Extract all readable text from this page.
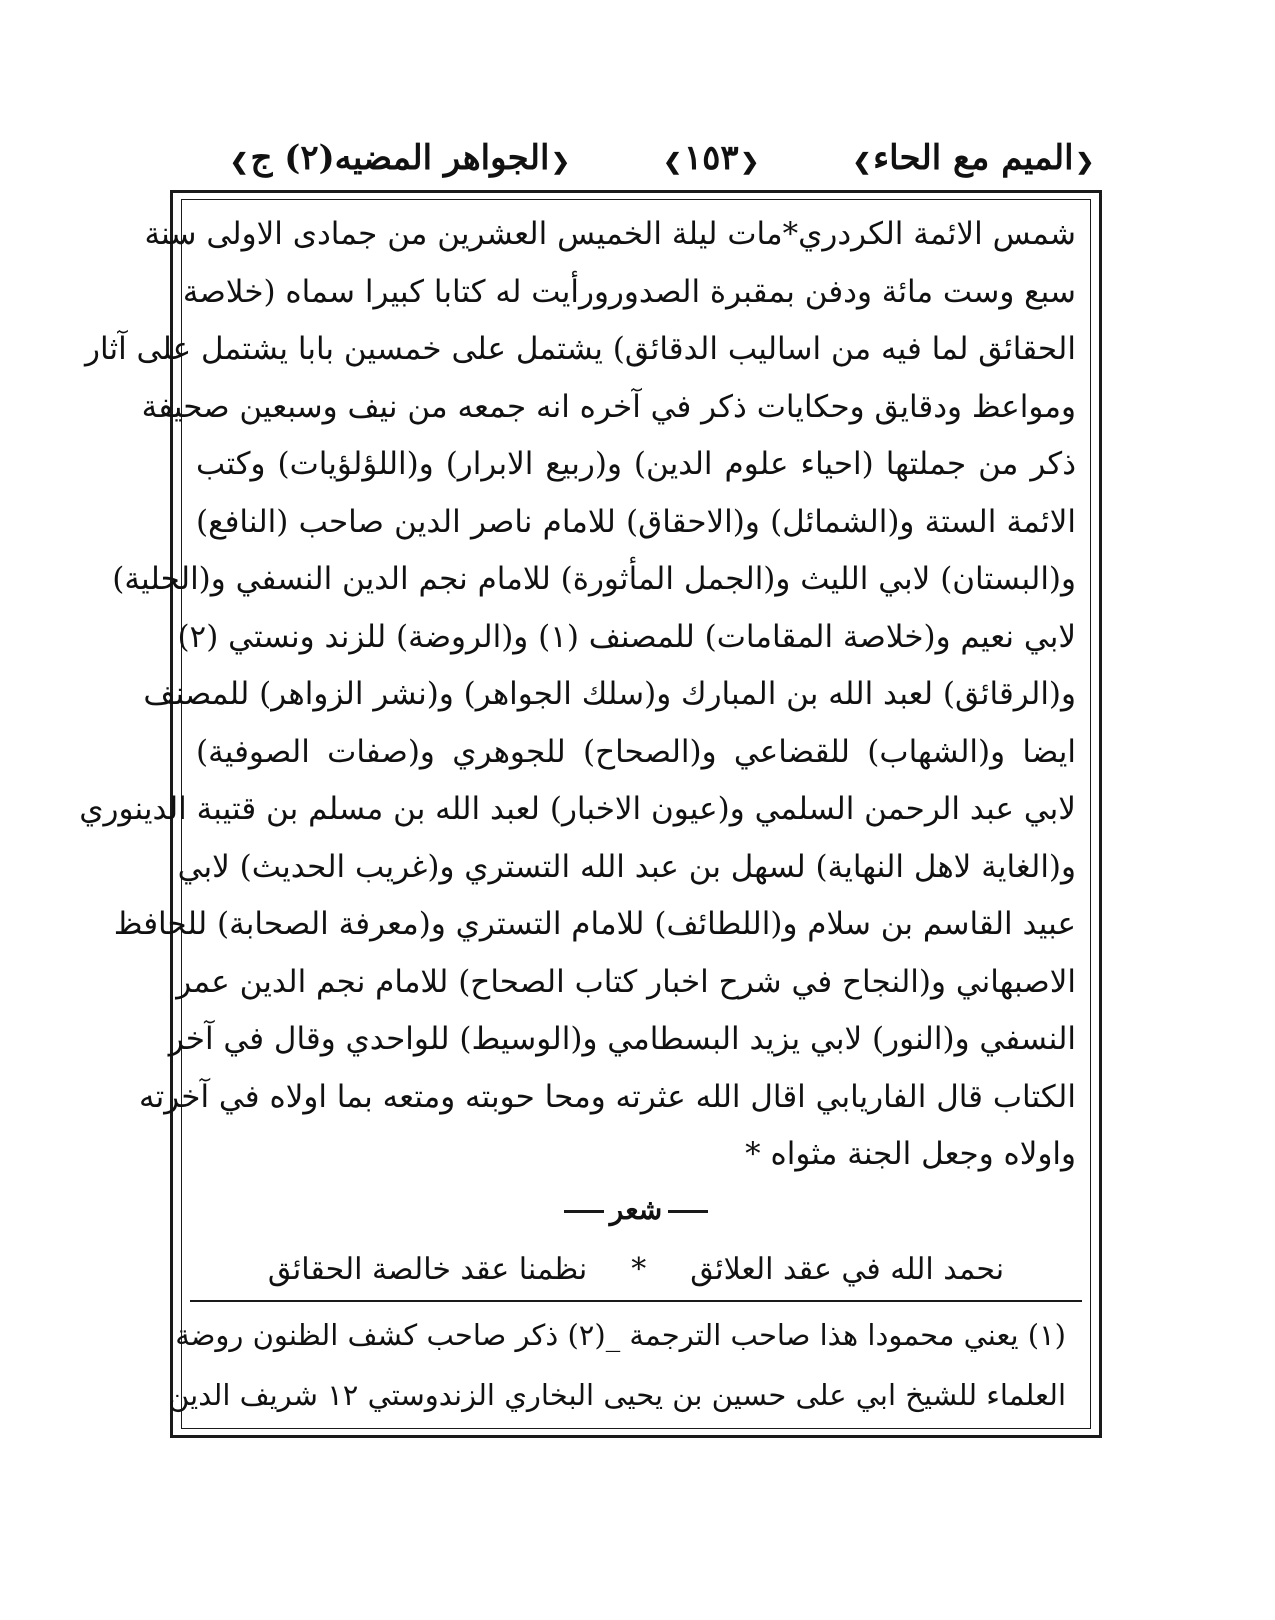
❮الميم مع الحاء❯
❮١٥٣❯
❮الجواهر المضيه(٢) ج❯
شمس الائمة الكردري*مات ليلة الخميس العشرين من جمادى الاولى سنة
سبع وست مائة ودفن بمقبرة الصدورورأيت له كتابا كبيرا سماه (خلاصة
الحقائق لما فيه من اساليب الدقائق) يشتمل على خمسين بابا يشتمل على آثار
ومواعظ ودقايق وحكايات ذكر في آخره انه جمعه من نيف وسبعين صحيفة
ذكر من جملتها (احياء علوم الدين) و(ربيع الابرار) و(اللؤلؤيات) وكتب
الائمة الستة و(الشمائل) و(الاحقاق) للامام ناصر الدين صاحب (النافع)
و(البستان) لابي الليث و(الجمل المأثورة) للامام نجم الدين النسفي و(الحلية)
لابي نعيم و(خلاصة المقامات) للمصنف (١) و(الروضة) للزند ونستي (٢)
و(الرقائق) لعبد الله بن المبارك و(سلك الجواهر) و(نشر الزواهر) للمصنف
ايضا و(الشهاب) للقضاعي و(الصحاح) للجوهري و(صفات الصوفية)
لابي عبد الرحمن السلمي و(عيون الاخبار) لعبد الله بن مسلم بن قتيبة الدينوري
و(الغاية لاهل النهاية) لسهل بن عبد الله التستري و(غريب الحديث) لابي
عبيد القاسم بن سلام و(اللطائف) للامام التستري و(معرفة الصحابة) للحافظ
الاصبهاني و(النجاح في شرح اخبار كتاب الصحاح) للامام نجم الدين عمر
النسفي و(النور) لابي يزيد البسطامي و(الوسيط) للواحدي وقال في آخر
الكتاب قال الفاريابي اقال الله عثرته ومحا حوبته ومتعه بما اولاه في آخرته
واولاه وجعل الجنة مثواه *
شعر
نحمد الله في عقد العلائق*نظمنا عقد خالصة الحقائق
(١) يعني محمودا هذا صاحب الترجمة _(٢) ذكر صاحب كشف الظنون روضة
العلماء للشيخ ابي على حسين بن يحيى البخاري الزندوستي ١٢ شريف الدين
